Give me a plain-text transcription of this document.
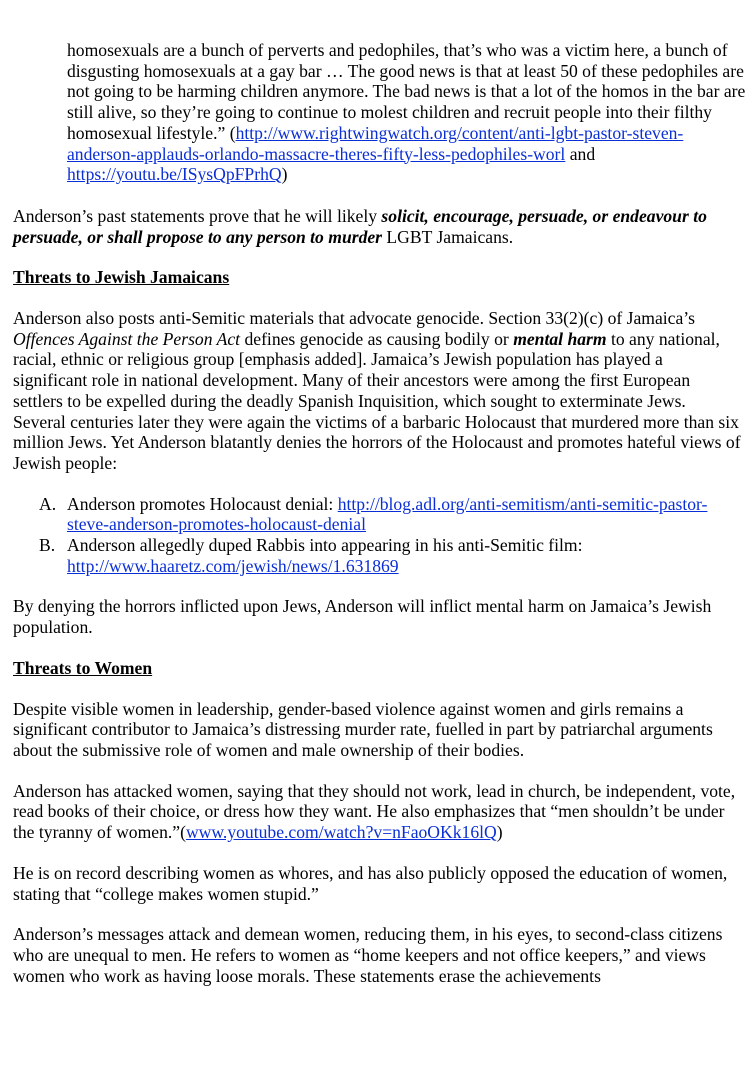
homosexuals are a bunch of perverts and pedophiles, that’s who was a victim here, a bunch of disgusting homosexuals at a gay bar … The good news is that at least 50 of these pedophiles are not going to be harming children anymore. The bad news is that a lot of the homos in the bar are still alive, so they’re going to continue to molest children and recruit people into their filthy homosexual lifestyle.” (http://www.rightwingwatch.org/content/anti-lgbt-pastor-steven-anderson-applauds-orlando-massacre-theres-fifty-less-pedophiles-worl and https://youtu.be/ISysQpFPrhQ)

Anderson’s past statements prove that he will likely solicit, encourage, persuade, or endeavour to persuade, or shall propose to any person to murder LGBT Jamaicans.

Threats to Jewish Jamaicans

Anderson also posts anti-Semitic materials that advocate genocide. Section 33(2)(c) of Jamaica’s Offences Against the Person Act defines genocide as causing bodily or mental harm to any national, racial, ethnic or religious group [emphasis added]. Jamaica’s Jewish population has played a significant role in national development. Many of their ancestors were among the first European settlers to be expelled during the deadly Spanish Inquisition, which sought to exterminate Jews. Several centuries later they were again the victims of a barbaric Holocaust that murdered more than six million Jews. Yet Anderson blatantly denies the horrors of the Holocaust and promotes hateful views of Jewish people:

A. Anderson promotes Holocaust denial: http://blog.adl.org/anti-semitism/anti-semitic-pastor-steve-anderson-promotes-holocaust-denial
B. Anderson allegedly duped Rabbis into appearing in his anti-Semitic film: http://www.haaretz.com/jewish/news/1.631869

By denying the horrors inflicted upon Jews, Anderson will inflict mental harm on Jamaica’s Jewish population.

Threats to Women

Despite visible women in leadership, gender-based violence against women and girls remains a significant contributor to Jamaica’s distressing murder rate, fuelled in part by patriarchal arguments about the submissive role of women and male ownership of their bodies.

Anderson has attacked women, saying that they should not work, lead in church, be independent, vote, read books of their choice, or dress how they want. He also emphasizes that “men shouldn’t be under the tyranny of women.”(www.youtube.com/watch?v=nFaoOKk16lQ)

He is on record describing women as whores, and has also publicly opposed the education of women, stating that “college makes women stupid.”

Anderson’s messages attack and demean women, reducing them, in his eyes, to second-class citizens who are unequal to men. He refers to women as “home keepers and not office keepers,” and views women who work as having loose morals. These statements erase the achievements
